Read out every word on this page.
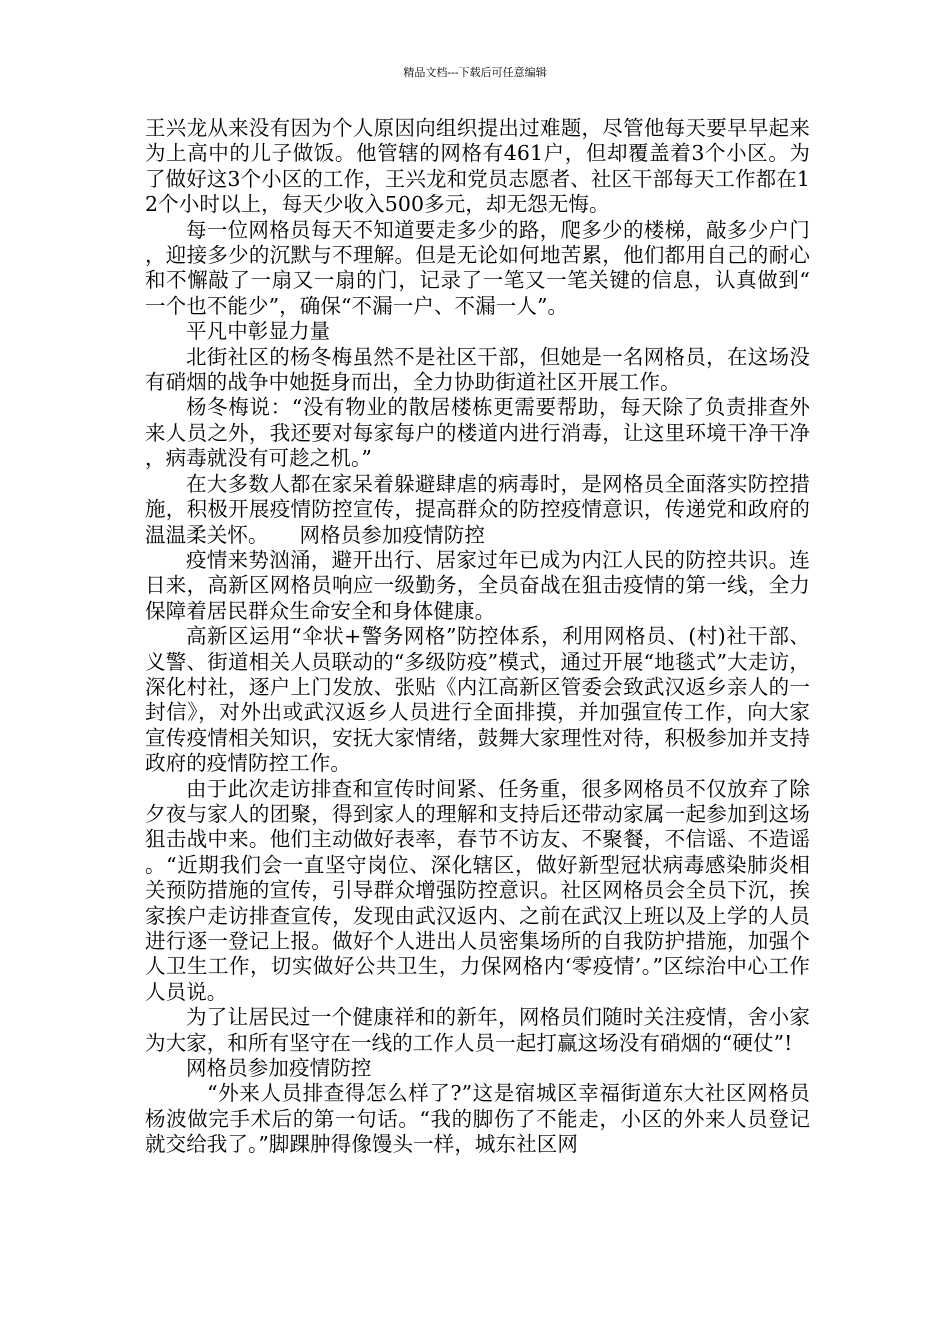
精品文档---下载后可任意编辑

王兴龙从来没有因为个人原因向组织提出过难题，尽管他每天要早早起来为上高中的儿子做饭。他管辖的网格有461户，但却覆盖着3个小区。为了做好这3个小区的工作，王兴龙和党员志愿者、社区干部每天工作都在12个小时以上，每天少收入500多元，却无怨无悔。

每一位网格员每天不知道要走多少的路，爬多少的楼梯，敲多少户门，迎接多少的沉默与不理解。但是无论如何地苦累，他们都用自己的耐心和不懈敲了一扇又一扇的门，记录了一笔又一笔关键的信息，认真做到“一个也不能少”，确保“不漏一户、不漏一人”。

平凡中彰显力量

北街社区的杨冬梅虽然不是社区干部，但她是一名网格员，在这场没有硝烟的战争中她挺身而出，全力协助街道社区开展工作。

杨冬梅说：“没有物业的散居楼栋更需要帮助，每天除了负责排查外来人员之外，我还要对每家每户的楼道内进行消毒，让这里环境干净干净，病毒就没有可趁之机。”

在大多数人都在家呆着躲避肆虐的病毒时，是网格员全面落实防控措施，积极开展疫情防控宣传，提高群众的防控疫情意识，传递党和政府的温温柔关怀。　　网格员参加疫情防控

疫情来势汹涌，避开出行、居家过年已成为内江人民的防控共识。连日来，高新区网格员响应一级勤务，全员奋战在狙击疫情的第一线，全力保障着居民群众生命安全和身体健康。

高新区运用“伞状+警务网格”防控体系，利用网格员、(村)社干部、义警、街道相关人员联动的“多级防疫”模式，通过开展“地毯式”大走访，深化村社，逐户上门发放、张贴《内江高新区管委会致武汉返乡亲人的一封信》，对外出或武汉返乡人员进行全面排摸，并加强宣传工作，向大家宣传疫情相关知识，安抚大家情绪，鼓舞大家理性对待，积极参加并支持政府的疫情防控工作。

由于此次走访排查和宣传时间紧、任务重，很多网格员不仅放弃了除夕夜与家人的团聚，得到家人的理解和支持后还带动家属一起参加到这场狙击战中来。他们主动做好表率，春节不访友、不聚餐，不信谣、不造谣。“近期我们会一直坚守岗位、深化辖区，做好新型冠状病毒感染肺炎相关预防措施的宣传，引导群众增强防控意识。社区网格员会全员下沉，挨家挨户走访排查宣传，发现由武汉返内、之前在武汉上班以及上学的人员进行逐一登记上报。做好个人进出人员密集场所的自我防护措施，加强个人卫生工作，切实做好公共卫生，力保网格内‘零疫情’。”区综治中心工作人员说。

为了让居民过一个健康祥和的新年，网格员们随时关注疫情，舍小家为大家，和所有坚守在一线的工作人员一起打赢这场没有硝烟的“硬仗”!

网格员参加疫情防控

　“外来人员排查得怎么样了?”这是宿城区幸福街道东大社区网格员杨波做完手术后的第一句话。“我的脚伤了不能走，小区的外来人员登记就交给我了。”脚踝肿得像馒头一样，城东社区网
